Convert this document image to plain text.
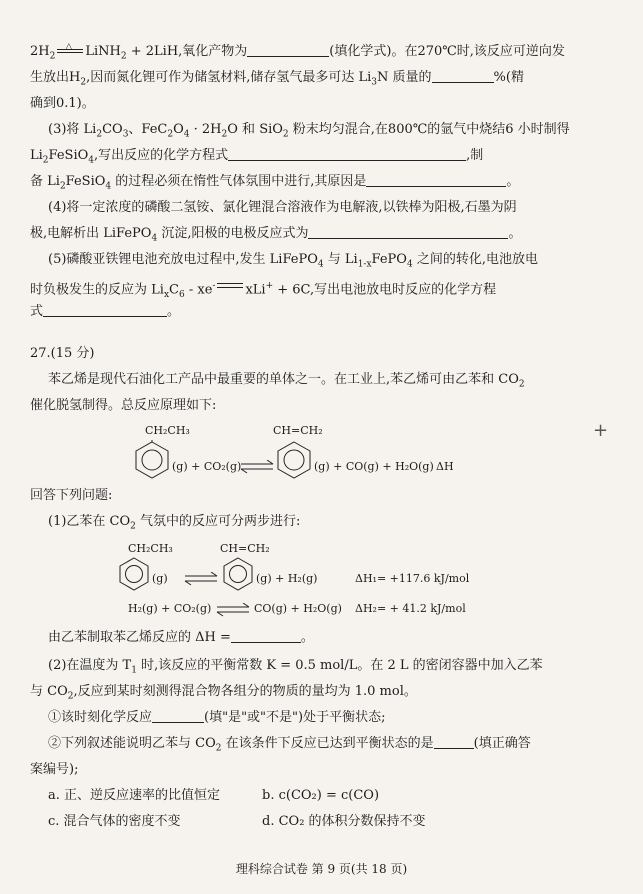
$2H_2$
△ LiNH$_2$ + 2LiH,氧化产物为	(填化学式)。在270℃时,该反应可逆向发
生放出$H_2$,因而氮化锂可作为储氢材料,储存氢气最多可达 $Li_3N$ 质量的	%(精
确到0.1)。
(3)将 $Li_2CO_3$、$FeC_2O_4 \cdot 2H_2O$ 和 SiO$_2$ 粉末均匀混合,在800℃的氩气中烧结6 小时制得
$Li_2FeSiO_4$,写出反应的化学方程式	,制
备 $Li_2FeSiO_4$ 的过程必须在惰性气体氛围中进行,其原因是	。
(4)将一定浓度的磷酸二氢铵、氯化锂混合溶液作为电解液,以铁棒为阳极,石墨为阴
极,电解析出 LiFePO$_4$ 沉淀,阳极的电极反应式为	。
(5)磷酸亚铁锂电池充放电过程中,发生 LiFePO$_4$ 与 $Li_{1-x}FePO_4$ 之间的转化,电池放电
时负极发生的反应为 $Li_xC_6 - xe^-$ xLi+ + 6C,写出电池放电时反应的化学方程
式	。
27.(15 分)
苯乙烯是现代石油化工产品中最重要的单体之一。在工业上,苯乙烯可由乙苯和 $CO_2$
催化脱氢制得。总反应原理如下:
CH₂CH₃
(g) + CO₂(g)
CH=CH₂
(g) + CO(g) + H₂O(g) ΔH
回答下列问题:
(1)乙苯在 $CO_2$ 气氛中的反应可分两步进行:
CH₂CH₃
(g) ⇌
CH=CH₂
(g) + H₂(g)	ΔH₁= +117.6 kJ/mol
H₂(g) + CO₂(g) ⇌ CO(g) + H₂O(g) ΔH₂= + 41.2 kJ/mol
由乙苯制取苯乙烯反应的 ΔH =	。
(2)在温度为 $T_1$ 时,该反应的平衡常数 K = 0.5 mol/L。在 2 L 的密闭容器中加入乙苯
与 $CO_2$,反应到某时刻测得混合物各组分的物质的量均为 1.0 mol。
①该时刻化学反应	(填"是"或"不是")处于平衡状态;
②下列叙述能说明乙苯与 $CO_2$ 在该条件下反应已达到平衡状态的是	(填正确答
案编号);
a. 正、逆反应速率的比值恒定	b. c(CO₂) = c(CO)
c. 混合气体的密度不变	d. CO₂ 的体积分数保持不变
理科综合试卷 第 9 页(共 18 页)
+
